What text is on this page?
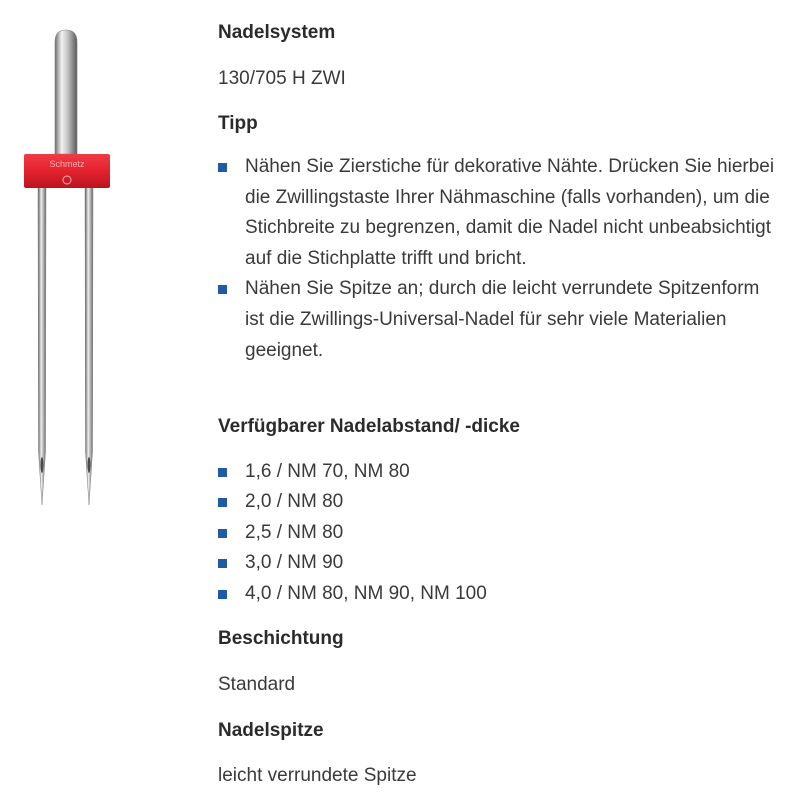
Schmetz
Nadelsystem
130/705 H ZWI
Tipp
Nähen Sie Zierstiche für dekorative Nähte. Drücken Sie hierbei die Zwillingstaste Ihrer Nähmaschine (falls vorhanden), um die Stichbreite zu begrenzen, damit die Nadel nicht unbeabsichtigt auf die Stichplatte trifft und bricht.
Nähen Sie Spitze an; durch die leicht verrundete Spitzenform ist die Zwillings-Universal-Nadel für sehr viele Materialien geeignet.
Verfügbarer Nadelabstand/ -dicke
1,6 / NM 70, NM 80
2,0 / NM 80
2,5 / NM 80
3,0 / NM 90
4,0 / NM 80, NM 90, NM 100
Beschichtung
Standard
Nadelspitze
leicht verrundete Spitze
